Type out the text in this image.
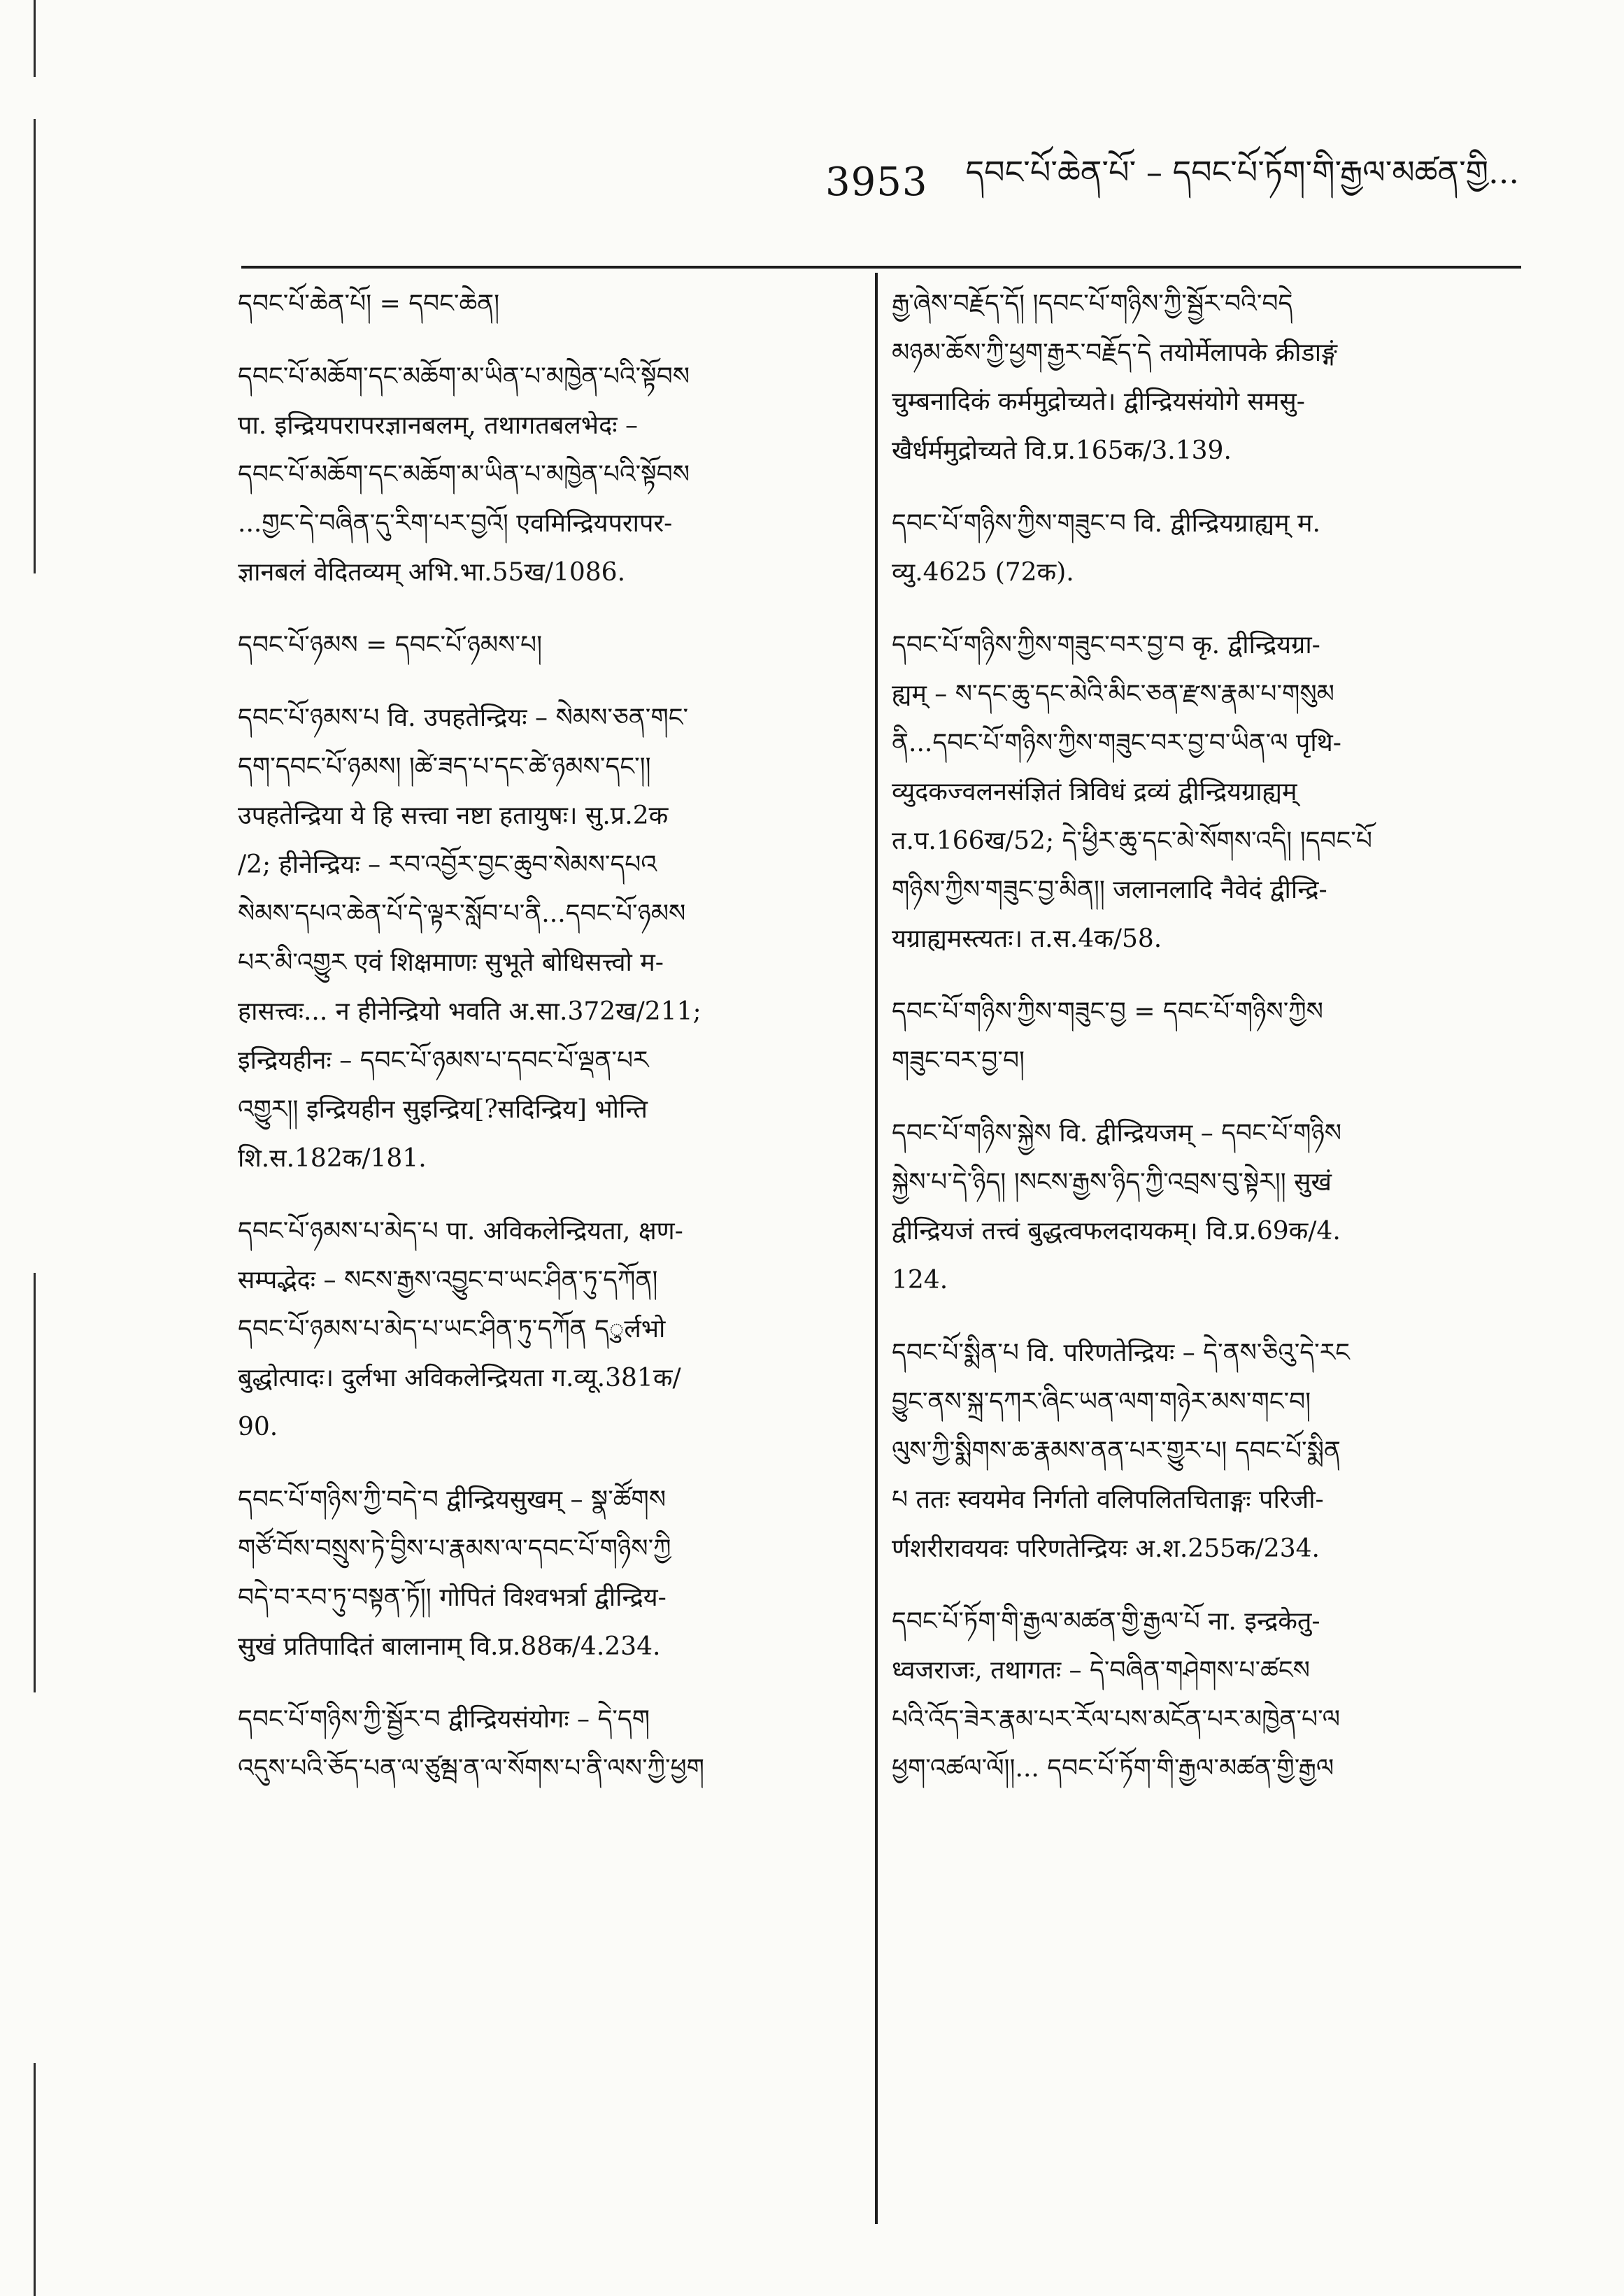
3953 དབང་པོ་ཆེན་པོ་ – དབང་པོ་ཏོག་གི་རྒྱལ་མཚན་གྱི...
དབང་པོ་ཆེན་པོ། = དབང་ཆེན།
དབང་པོ་མཆོག་དང་མཆོག་མ་ཡིན་པ་མཁྱེན་པའི་སྟོབས
पा. इन्द्रियपरापरज्ञानबलम्, तथागतबलभेदः –
དབང་པོ་མཆོག་དང་མཆོག་མ་ཡིན་པ་མཁྱེན་པའི་སྟོབས
...གྱང་དེ་བཞིན་དུ་རིག་པར་བྱའོ། एवमिन्द्रियपरापर-
ज्ञानबलं वेदितव्यम् अभि.भा.55ख/1086.
དབང་པོ་ཉམས = དབང་པོ་ཉམས་པ།
དབང་པོ་ཉམས་པ वि. उपहतेन्द्रियः – སེམས་ཅན་གང་
དག་དབང་པོ་ཉམས། །ཚེ་ཟད་པ་དང་ཚེ་ཉམས་དང་།།
उपहतेन्द्रिया ये हि सत्त्वा नष्टा हतायुषः। सु.प्र.2क
/2; हीनेन्द्रियः – རབ་འབྱོར་བྱང་ཆུབ་སེམས་དཔའ
སེམས་དཔའ་ཆེན་པོ་དེ་ལྟར་སློབ་པ་ནི...དབང་པོ་ཉམས
པར་མི་འགྱུར एवं शिक्षमाणः सुभूते बोधिसत्त्वो म-
हासत्त्वः... न हीनेन्द्रियो भवति अ.सा.372ख/211;
इन्द्रियहीनः – དབང་པོ་ཉམས་པ་དབང་པོ་ལྡན་པར
འགྱུར།། इन्द्रियहीन सुइन्द्रिय[?सदिन्द्रिय] भोन्ति
शि.स.182क/181.
དབང་པོ་ཉམས་པ་མེད་པ पा. अविकलेन्द्रियता, क्षण-
सम्पद्भेदः – སངས་རྒྱས་འབྱུང་བ་ཡང་ཤིན་ཏུ་དཀོན།
དབང་པོ་ཉམས་པ་མེད་པ་ཡང་ཤིན་ཏུ་དཀོན དुर्लभो
बुद्धोत्पादः। दुर्लभा अविकलेन्द्रियता ग.व्यू.381क/
90.
དབང་པོ་གཉིས་ཀྱི་བདེ་བ द्वीन्द्रियसुखम् – སྣ་ཚོགས
གཙོ་བོས་བསྲུས་ཏེ་བྱིས་པ་རྣམས་ལ་དབང་པོ་གཉིས་ཀྱི
བདེ་བ་རབ་ཏུ་བསྟན་ཏོ།། गोपितं विश्वभर्त्रा द्वीन्द्रिय-
सुखं प्रतिपादितं बालानाम् वि.प्र.88क/4.234.
དབང་པོ་གཉིས་ཀྱི་སྦྱོར་བ द्वीन्द्रियसंयोगः – དེ་དག
འདུས་པའི་ཅོད་པན་ལ་ཙུམྦ་ན་ལ་སོགས་པ་ནི་ལས་ཀྱི་ཕྱག
རྒྱ་ཞེས་བརྗོད་དོ། །དབང་པོ་གཉིས་ཀྱི་སྦྱོར་བའི་བདེ
མཉམ་ཆོས་ཀྱི་ཕྱག་རྒྱར་བརྗོད་དེ तयोर्मेलापके क्रीडाङ्गं
चुम्बनादिकं कर्ममुद्रोच्यते। द्वीन्द्रियसंयोगे समसु-
खैर्धर्ममुद्रोच्यते वि.प्र.165क/3.139.
དབང་པོ་གཉིས་ཀྱིས་གཟུང་བ वि. द्वीन्द्रियग्राह्यम् म.
व्यु.4625 (72क).
དབང་པོ་གཉིས་ཀྱིས་གཟུང་བར་བྱ་བ कृ. द्वीन्द्रियग्रा-
ह्यम् – ས་དང་ཆུ་དང་མེའི་མིང་ཅན་རྫས་རྣམ་པ་གསུམ
ནི...དབང་པོ་གཉིས་ཀྱིས་གཟུང་བར་བྱ་བ་ཡིན་ལ पृथि-
व्युदकज्वलनसंज्ञितं त्रिविधं द्रव्यं द्वीन्द्रियग्राह्यम्
त.प.166ख/52; དེ་ཕྱིར་ཆུ་དང་མེ་སོགས་འདི། །དབང་པོ
གཉིས་ཀྱིས་གཟུང་བྱ་མིན།། जलानलादि नैवेदं द्वीन्द्रि-
यग्राह्यमस्त्यतः। त.स.4क/58.
དབང་པོ་གཉིས་ཀྱིས་གཟུང་བྱ = དབང་པོ་གཉིས་ཀྱིས
གཟུང་བར་བྱ་བ།
དབང་པོ་གཉིས་སྐྱེས वि. द्वीन्द्रियजम् – དབང་པོ་གཉིས
སྐྱེས་པ་དེ་ཉིད། །སངས་རྒྱས་ཉིད་ཀྱི་འབྲས་བུ་སྟེར།། सुखं
द्वीन्द्रियजं तत्त्वं बुद्धत्वफलदायकम्। वि.प्र.69क/4.
124.
དབང་པོ་སྨིན་པ वि. परिणतेन्द्रियः – དེ་ནས་ཅིའུ་དེ་རང
བྱུང་ནས་སྐྲ་དཀར་ཞིང་ཡན་ལག་གཉེར་མས་གང་བ།
ལུས་ཀྱི་སྨིགས་ཆ་རྣམས་ནན་པར་གྱུར་པ། དབང་པོ་སྨིན
པ ततः स्वयमेव निर्गतो वलिपलितचिताङ्गः परिजी-
र्णशरीरावयवः परिणतेन्द्रियः अ.श.255क/234.
དབང་པོ་ཏོག་གི་རྒྱལ་མཚན་གྱི་རྒྱལ་པོ ना. इन्द्रकेतु-
ध्वजराजः, तथागतः – དེ་བཞིན་གཤེགས་པ་ཚངས
པའི་འོད་ཟེར་རྣམ་པར་རོལ་པས་མངོན་པར་མཁྱེན་པ་ལ
ཕྱག་འཚལ་ལོ།།... དབང་པོ་ཏོག་གི་རྒྱལ་མཚན་གྱི་རྒྱལ
